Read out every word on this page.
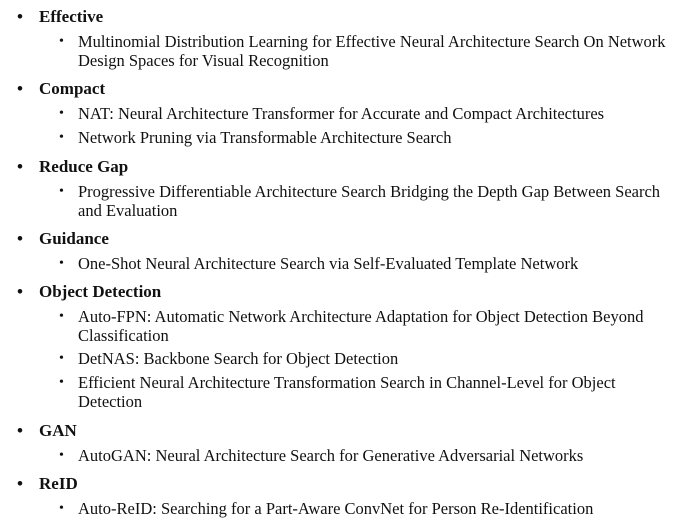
• Effective
• Multinomial Distribution Learning for Effective Neural Architecture Search On Network Design Spaces for Visual Recognition
• Compact
• NAT: Neural Architecture Transformer for Accurate and Compact Architectures
• Network Pruning via Transformable Architecture Search
• Reduce Gap
• Progressive Differentiable Architecture Search Bridging the Depth Gap Between Search and Evaluation
• Guidance
• One-Shot Neural Architecture Search via Self-Evaluated Template Network
• Object Detection
• Auto-FPN: Automatic Network Architecture Adaptation for Object Detection Beyond Classification
• DetNAS: Backbone Search for Object Detection
• Efficient Neural Architecture Transformation Search in Channel-Level for Object Detection
• GAN
• AutoGAN: Neural Architecture Search for Generative Adversarial Networks
• ReID
• Auto-ReID: Searching for a Part-Aware ConvNet for Person Re-Identification
